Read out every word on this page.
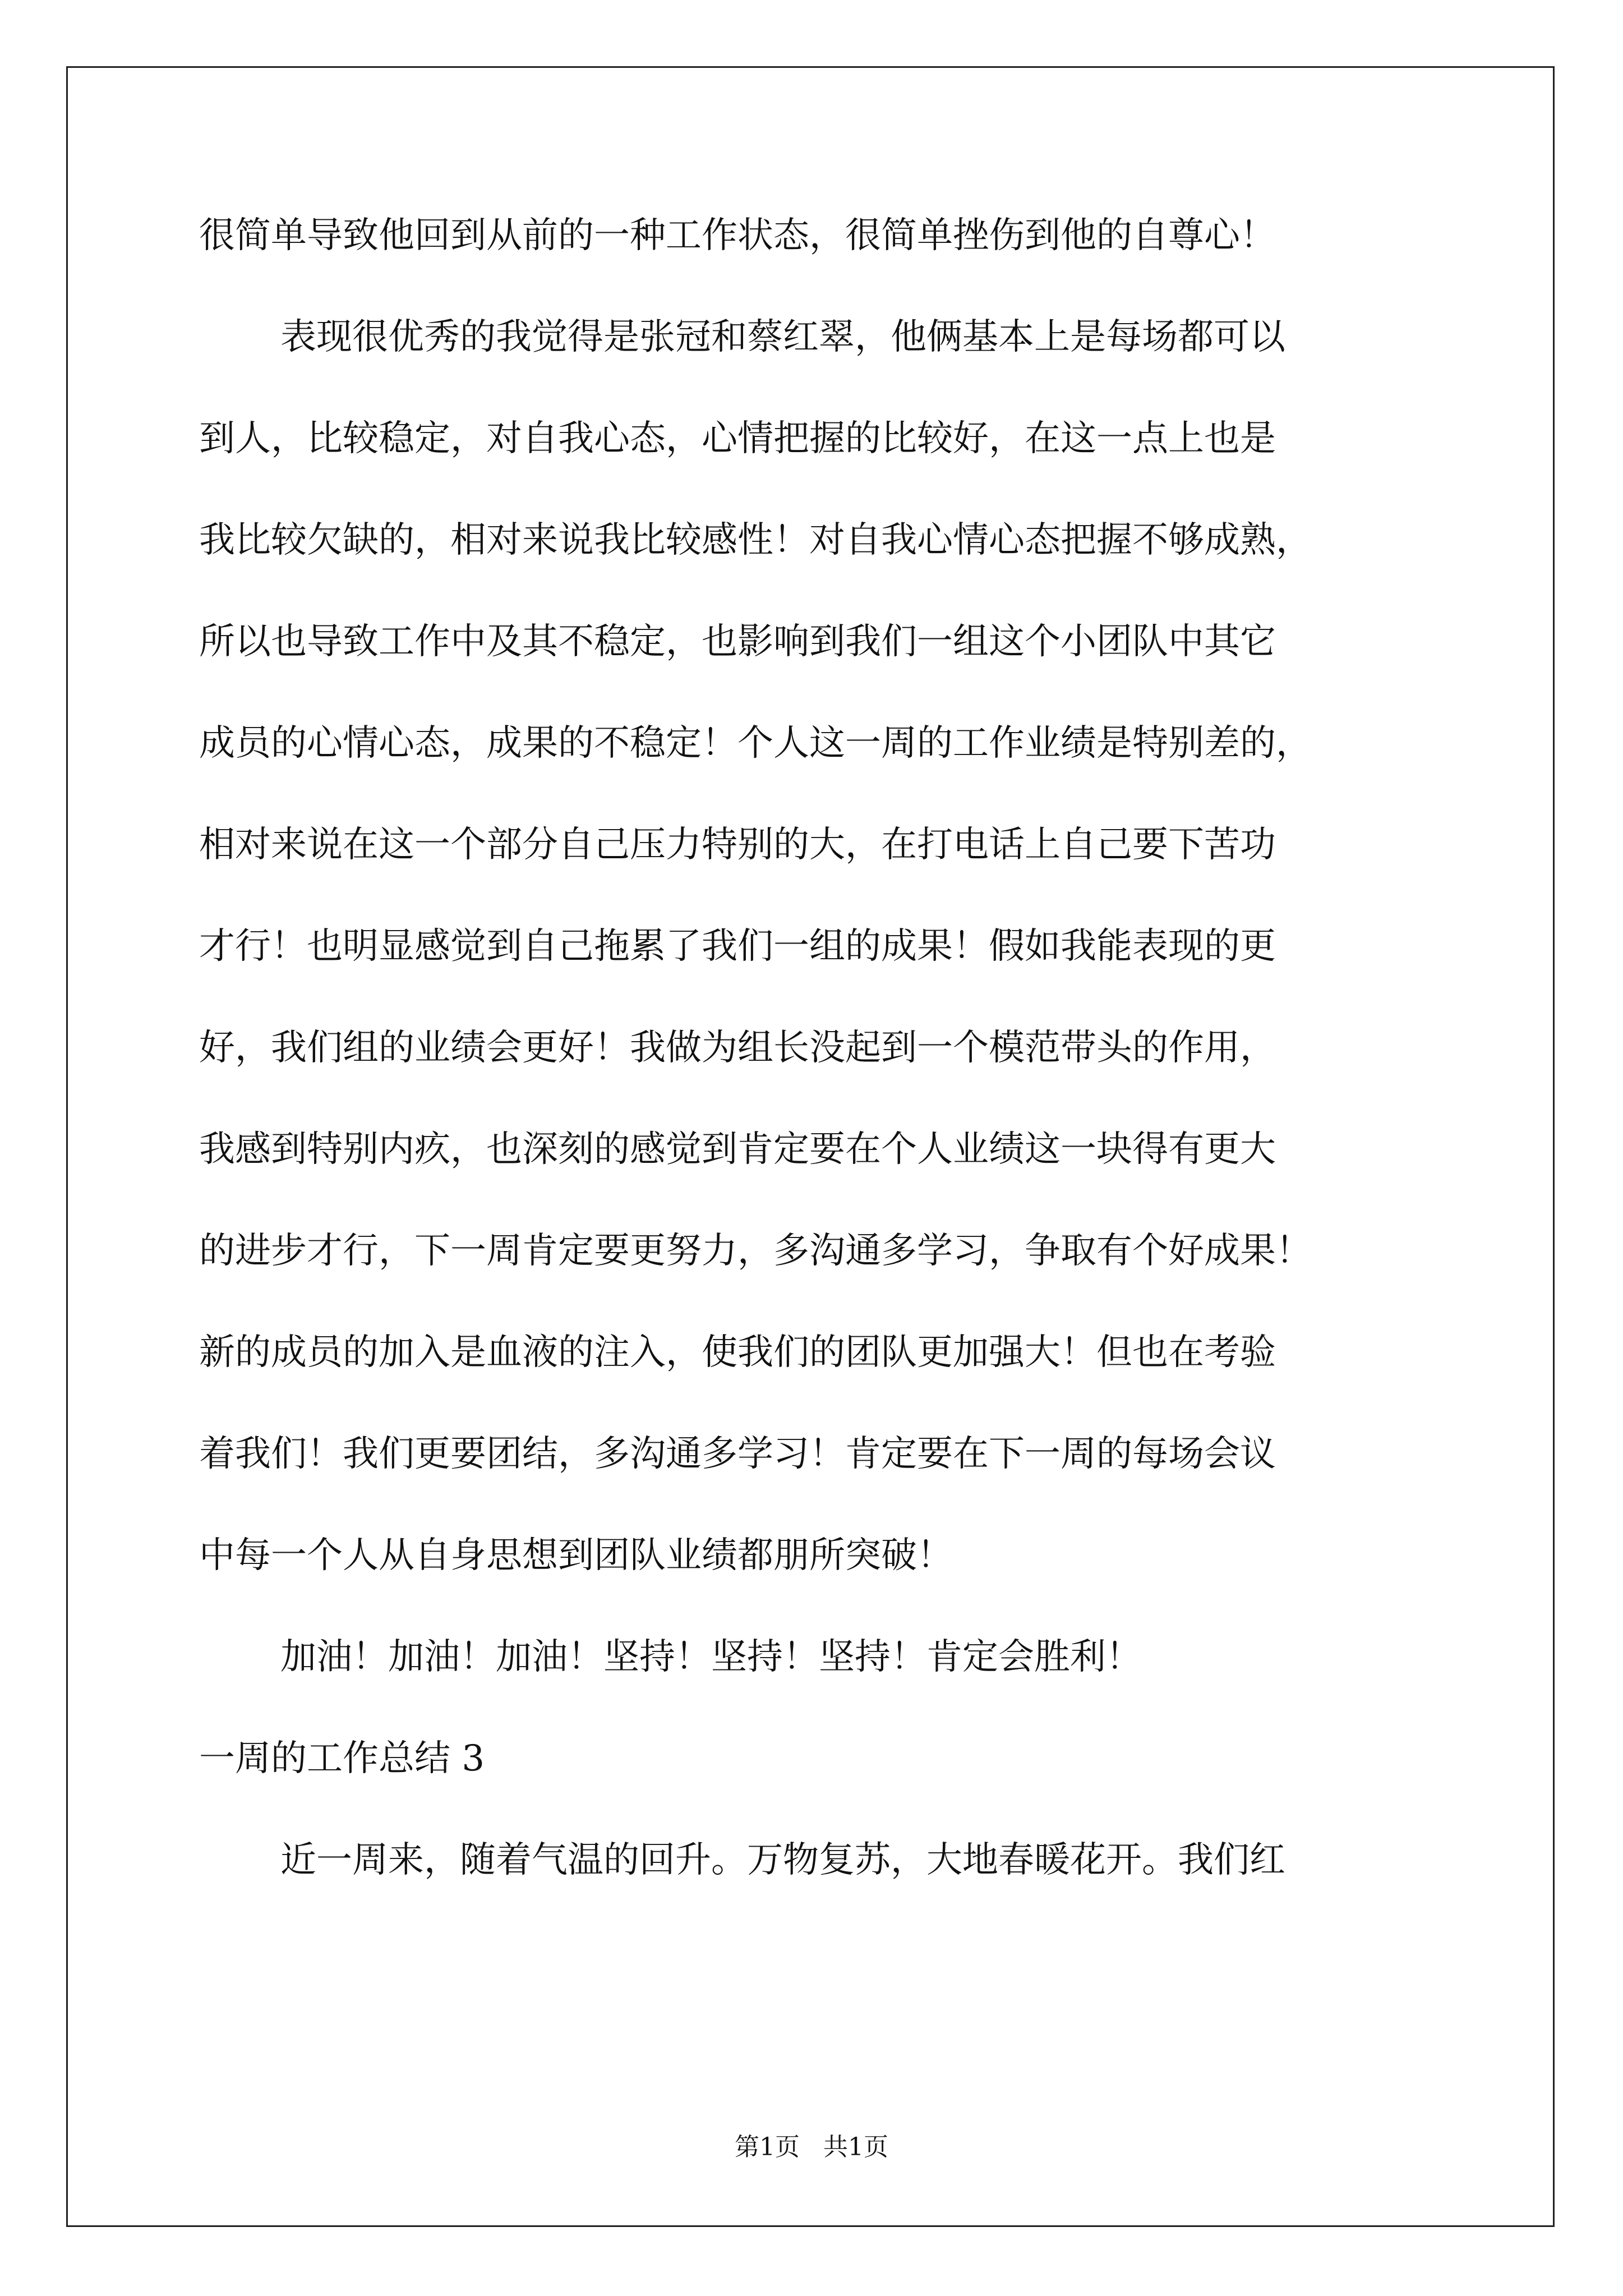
很简单导致他回到从前的一种工作状态，很简单挫伤到他的自尊心！
表现很优秀的我觉得是张冠和蔡红翠，他俩基本上是每场都可以
到人，比较稳定，对自我心态，心情把握的比较好，在这一点上也是
我比较欠缺的，相对来说我比较感性！对自我心情心态把握不够成熟，
所以也导致工作中及其不稳定，也影响到我们一组这个小团队中其它
成员的心情心态，成果的不稳定！个人这一周的工作业绩是特别差的，
相对来说在这一个部分自己压力特别的大，在打电话上自己要下苦功
才行！也明显感觉到自己拖累了我们一组的成果！假如我能表现的更
好，我们组的业绩会更好！我做为组长没起到一个模范带头的作用，
我感到特别内疚，也深刻的感觉到肯定要在个人业绩这一块得有更大
的进步才行，下一周肯定要更努力，多沟通多学习，争取有个好成果！
新的成员的加入是血液的注入，使我们的团队更加强大！但也在考验
着我们！我们更要团结，多沟通多学习！肯定要在下一周的每场会议
中每一个人从自身思想到团队业绩都朋所突破！
加油！加油！加油！坚持！坚持！坚持！肯定会胜利！
一周的工作总结 3
近一周来，随着气温的回升。万物复苏，大地春暖花开。我们红
第1页   共1页
